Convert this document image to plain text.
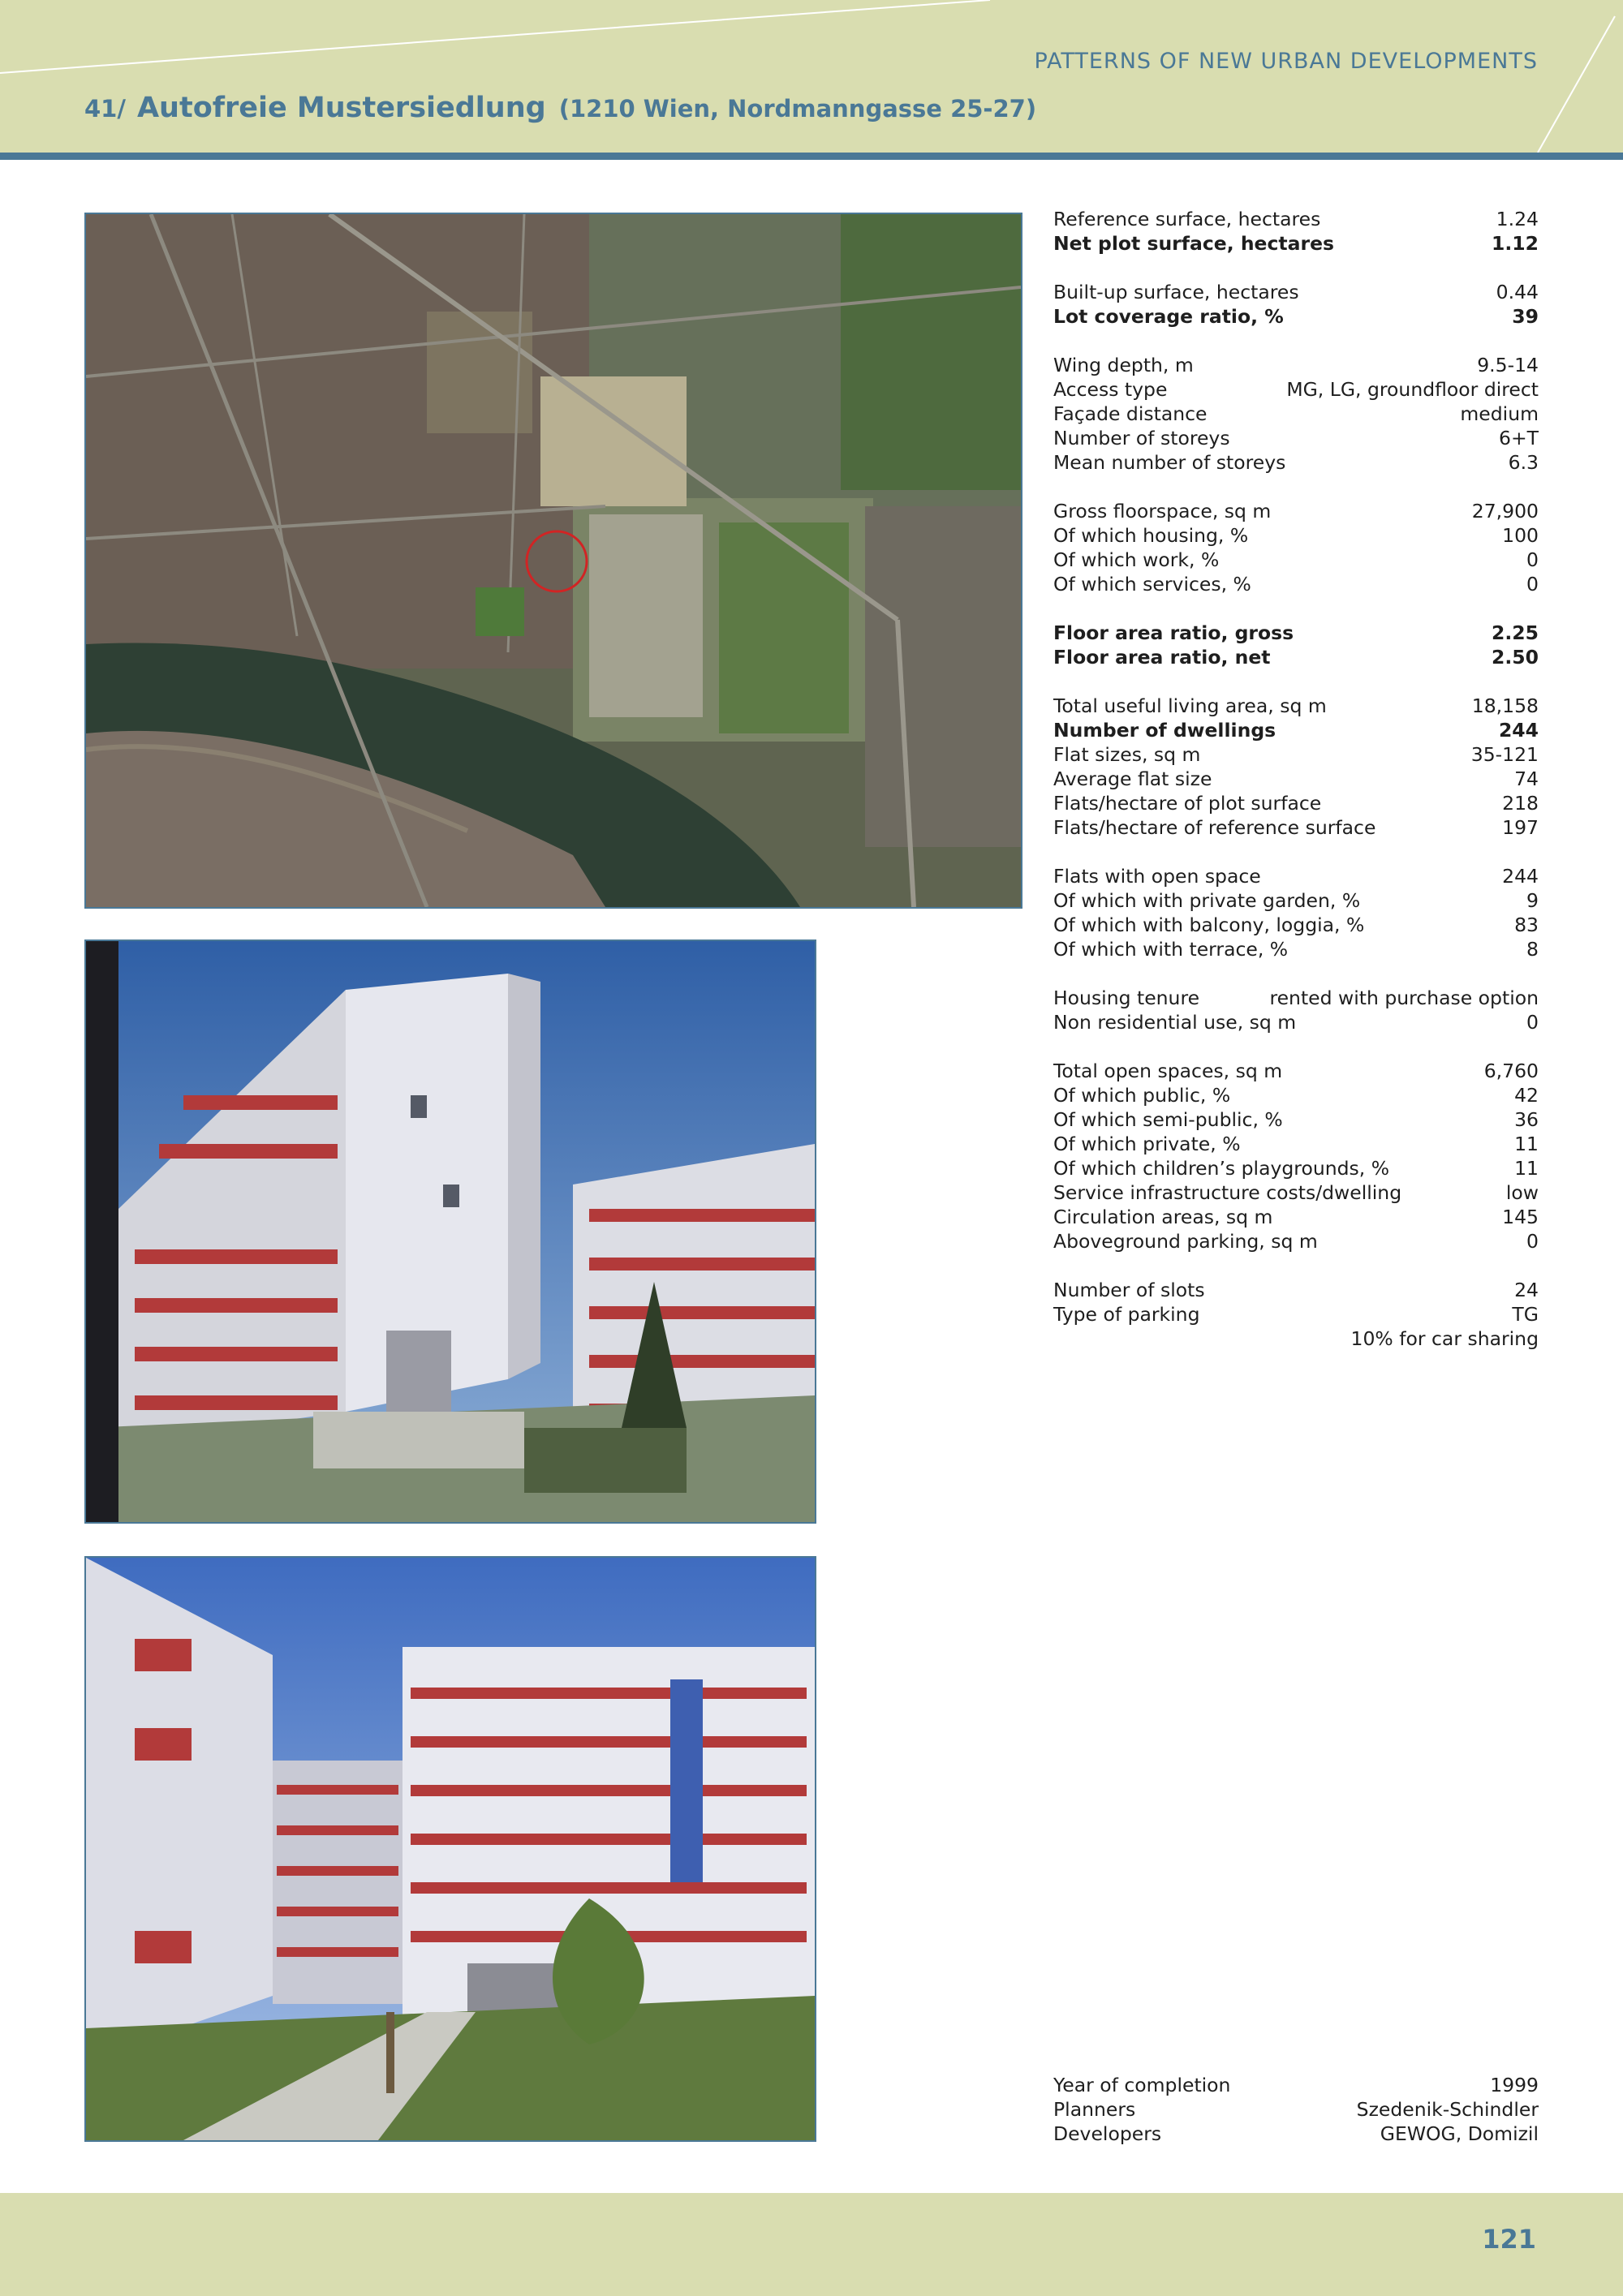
PATTERNS OF NEW URBAN DEVELOPMENTS
41/ Autofreie Mustersiedlung (1210 Wien, Nordmanngasse 25-27)
Reference surface, hectares	1.24
Net plot surface, hectares	1.12
Built-up surface, hectares	0.44
Lot coverage ratio, %	39
Wing depth, m	9.5-14
Access type	MG, LG, groundfloor direct
Façade distance	medium
Number of storeys	6+T
Mean number of storeys	6.3
Gross floorspace, sq m	27,900
Of which housing, %	100
Of which work, %	0
Of which services, %	0
Floor area ratio, gross	2.25
Floor area ratio, net	2.50
Total useful living area, sq m	18,158
Number of dwellings	244
Flat sizes, sq m	35-121
Average flat size	74
Flats/hectare of plot surface	218
Flats/hectare of reference surface	197
Flats with open space	244
Of which with private garden, %	9
Of which with balcony, loggia, %	83
Of which with terrace, %	8
Housing tenure	rented with purchase option
Non residential use, sq m	0
Total open spaces, sq m	6,760
Of which public, %	42
Of which semi-public, %	36
Of which private, %	11
Of which children’s playgrounds, %	11
Service infrastructure costs/dwelling	low
Circulation areas, sq m	145
Aboveground parking, sq m	0
Number of slots	24
Type of parking	TG
10% for car sharing
Year of completion	1999
Planners	Szedenik-Schindler
Developers	GEWOG, Domizil
121
